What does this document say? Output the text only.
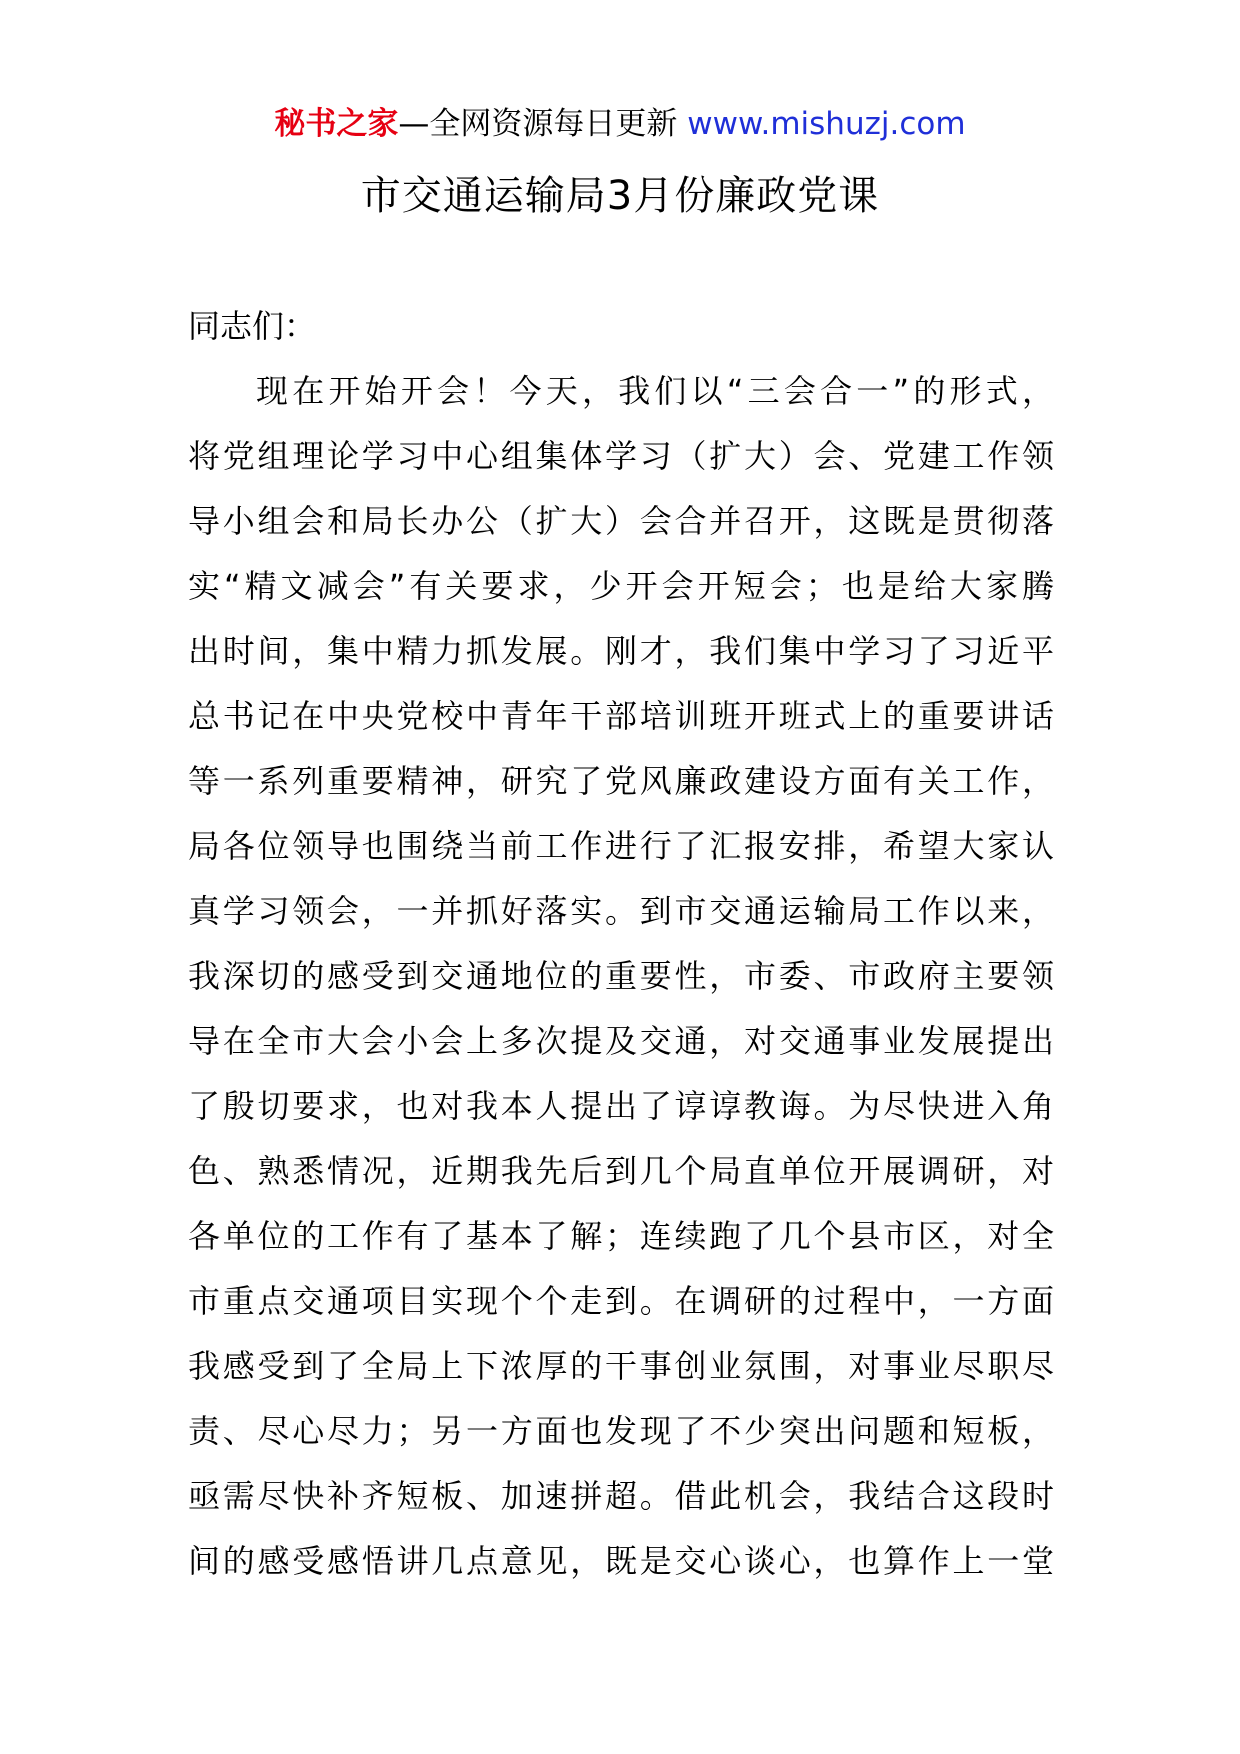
秘书之家—全网资源每日更新 www.mishuzj.com
市交通运输局3月份廉政党课
同志们：
现在开始开会！今天，我们以“三会合一”的形式，
将党组理论学习中心组集体学习（扩大）会、党建工作领
导小组会和局长办公（扩大）会合并召开，这既是贯彻落
实“精文减会”有关要求，少开会开短会；也是给大家腾
出时间，集中精力抓发展。刚才，我们集中学习了习近平
总书记在中央党校中青年干部培训班开班式上的重要讲话
等一系列重要精神，研究了党风廉政建设方面有关工作，
局各位领导也围绕当前工作进行了汇报安排，希望大家认
真学习领会，一并抓好落实。到市交通运输局工作以来，
我深切的感受到交通地位的重要性，市委、市政府主要领
导在全市大会小会上多次提及交通，对交通事业发展提出
了殷切要求，也对我本人提出了谆谆教诲。为尽快进入角
色、熟悉情况，近期我先后到几个局直单位开展调研，对
各单位的工作有了基本了解；连续跑了几个县市区，对全
市重点交通项目实现个个走到。在调研的过程中，一方面
我感受到了全局上下浓厚的干事创业氛围，对事业尽职尽
责、尽心尽力；另一方面也发现了不少突出问题和短板，
亟需尽快补齐短板、加速拼超。借此机会，我结合这段时
间的感受感悟讲几点意见，既是交心谈心，也算作上一堂
